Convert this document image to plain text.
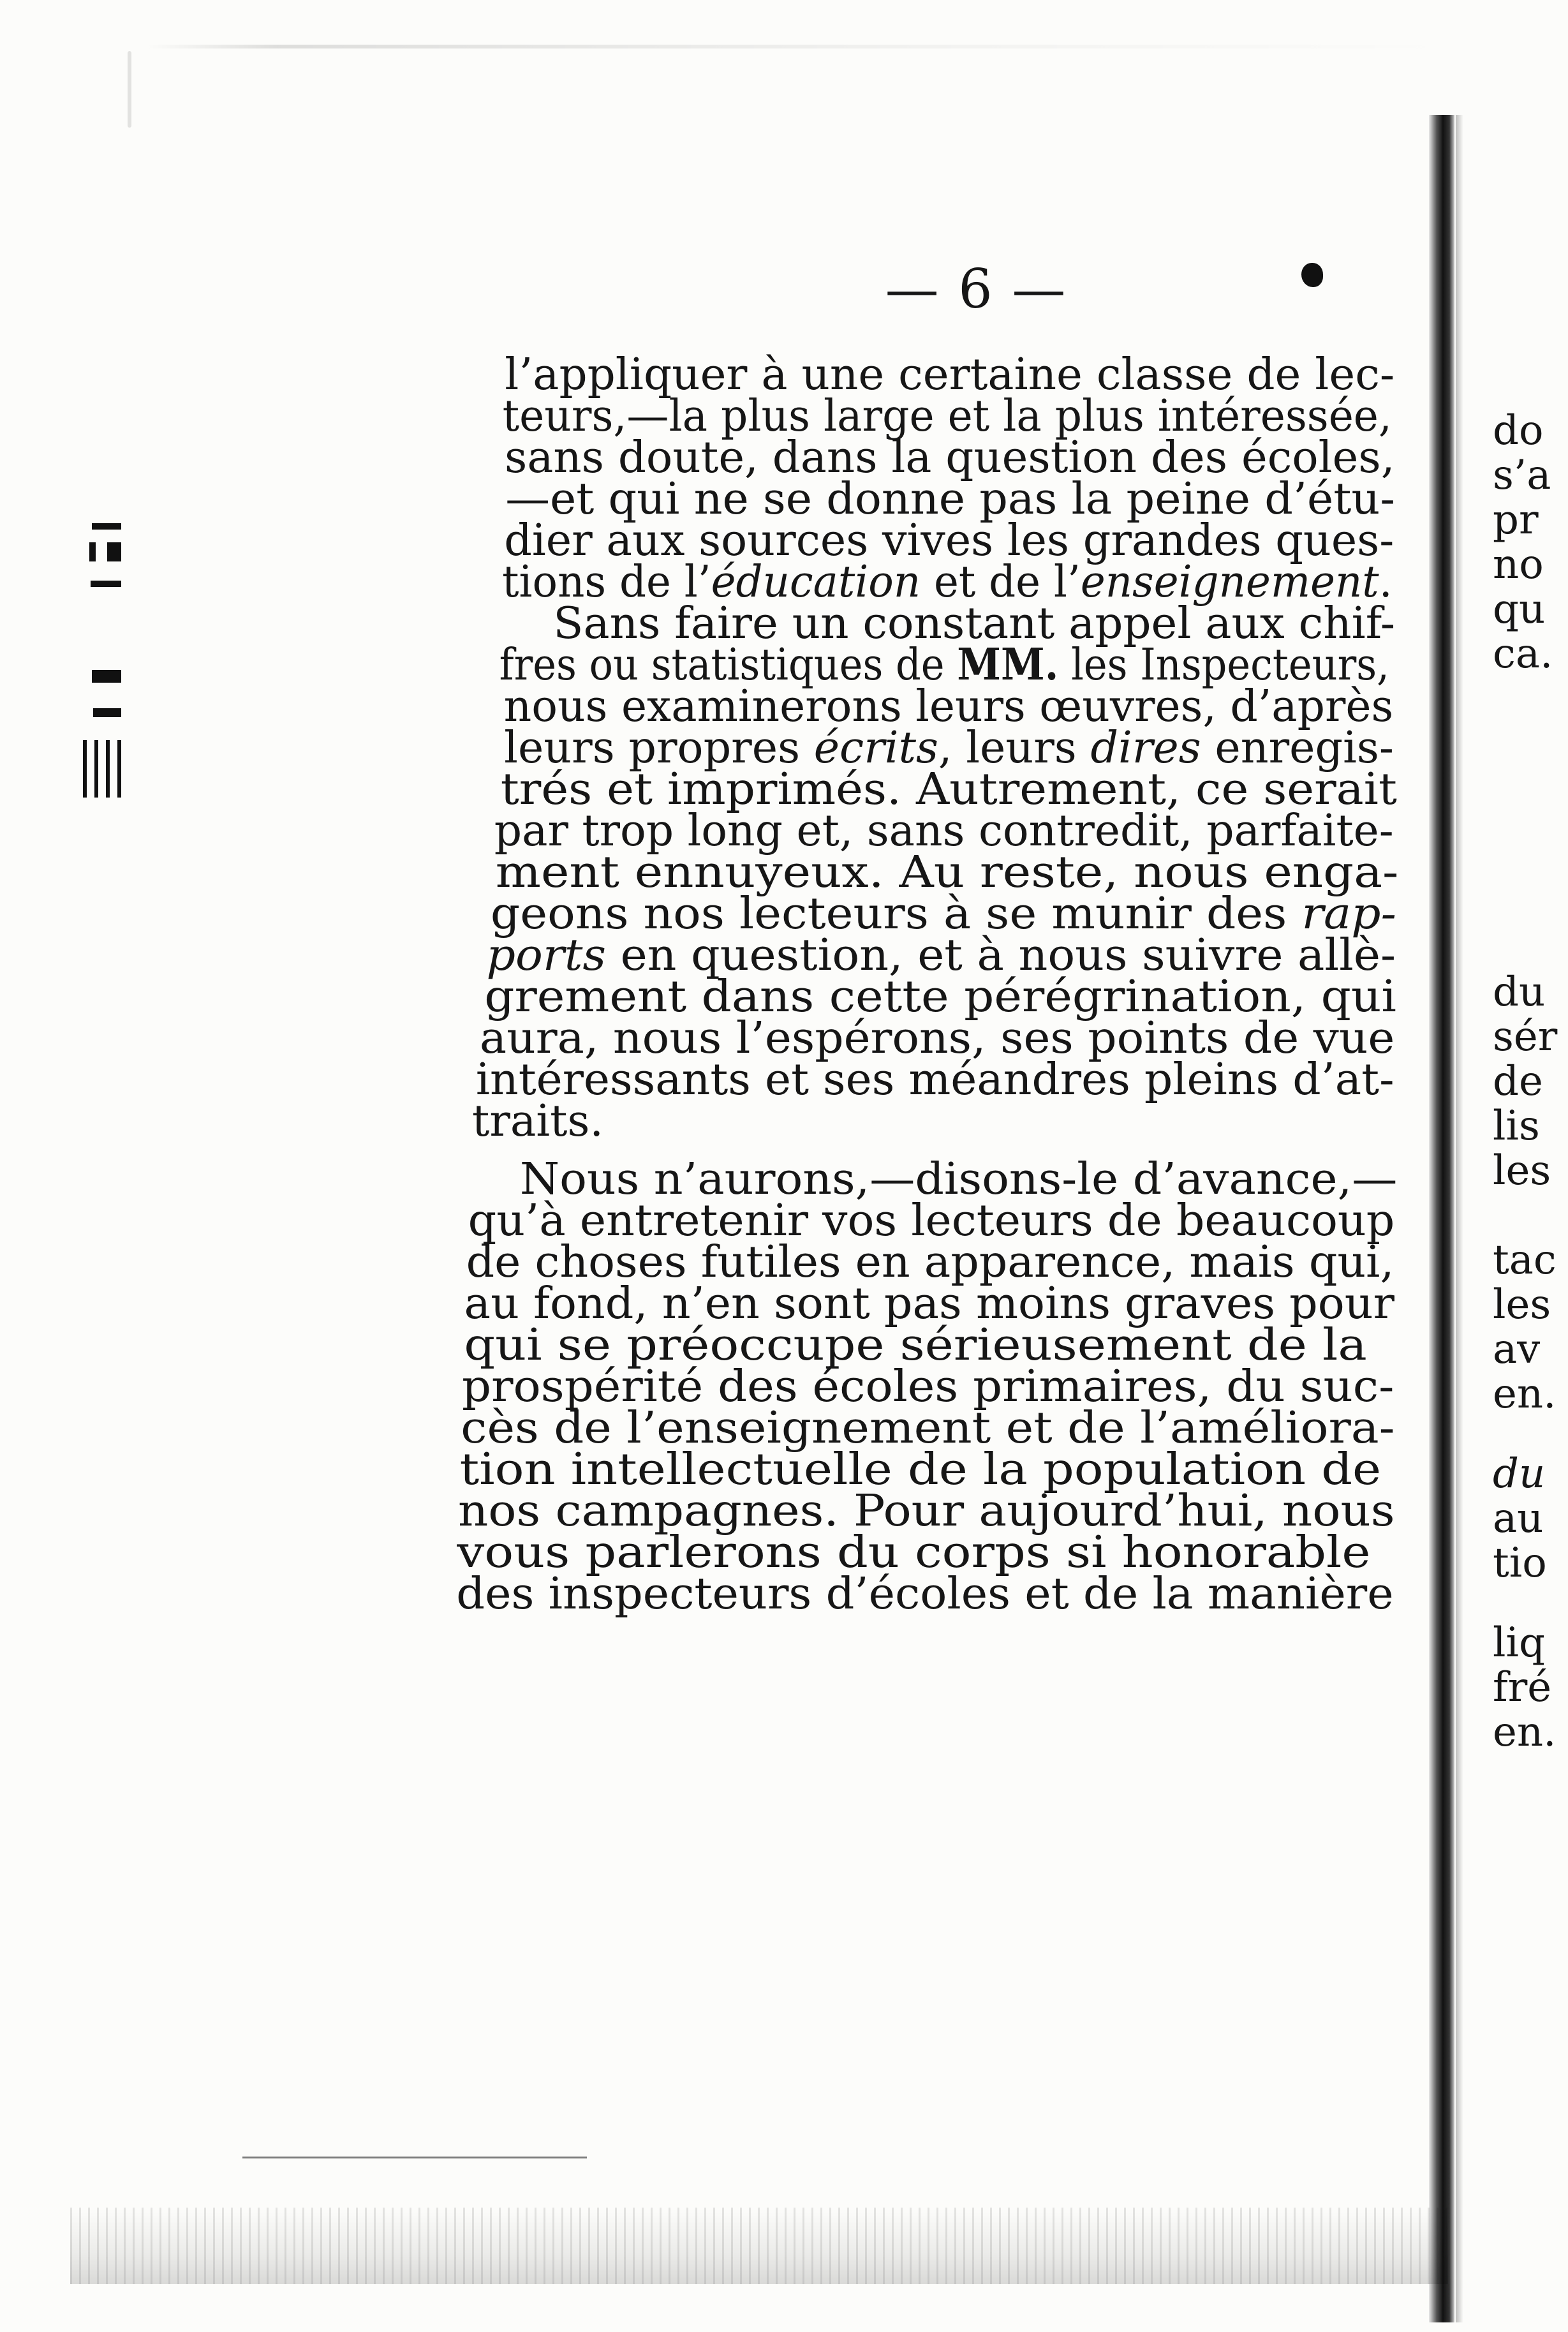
— 6 —
l’appliquer à une certaine classe de lec-
teurs,—la plus large et la plus intéressée,
sans doute, dans la question des écoles,
—et qui ne se donne pas la peine d’étu-
dier aux sources vives les grandes ques-
tions de l’éducation et de l’enseignement.
Sans faire un constant appel aux chif-
fres ou statistiques de MM. les Inspecteurs,
nous examinerons leurs œuvres, d’après
leurs propres écrits, leurs dires enregis-
trés et imprimés. Autrement, ce serait
par trop long et, sans contredit, parfaite-
ment ennuyeux. Au reste, nous enga-
geons nos lecteurs à se munir des rap-
ports en question, et à nous suivre allè-
grement dans cette pérégrination, qui
aura, nous l’espérons, ses points de vue
intéressants et ses méandres pleins d’at-
traits.
Nous n’aurons,—disons-le d’avance,—
qu’à entretenir vos lecteurs de beaucoup
de choses futiles en apparence, mais qui,
au fond, n’en sont pas moins graves pour
qui se préoccupe sérieusement de la
prospérité des écoles primaires, du suc-
cès de l’enseignement et de l’améliora-
tion intellectuelle de la population de
nos campagnes. Pour aujourd’hui, nous
vous parlerons du corps si honorable
des inspecteurs d’écoles et de la manière
do
s’a
pr
no
qu
ca.
du
sér
de
lis
les
tac
les
av
en.
du
au
tio
liq
fré
en.
